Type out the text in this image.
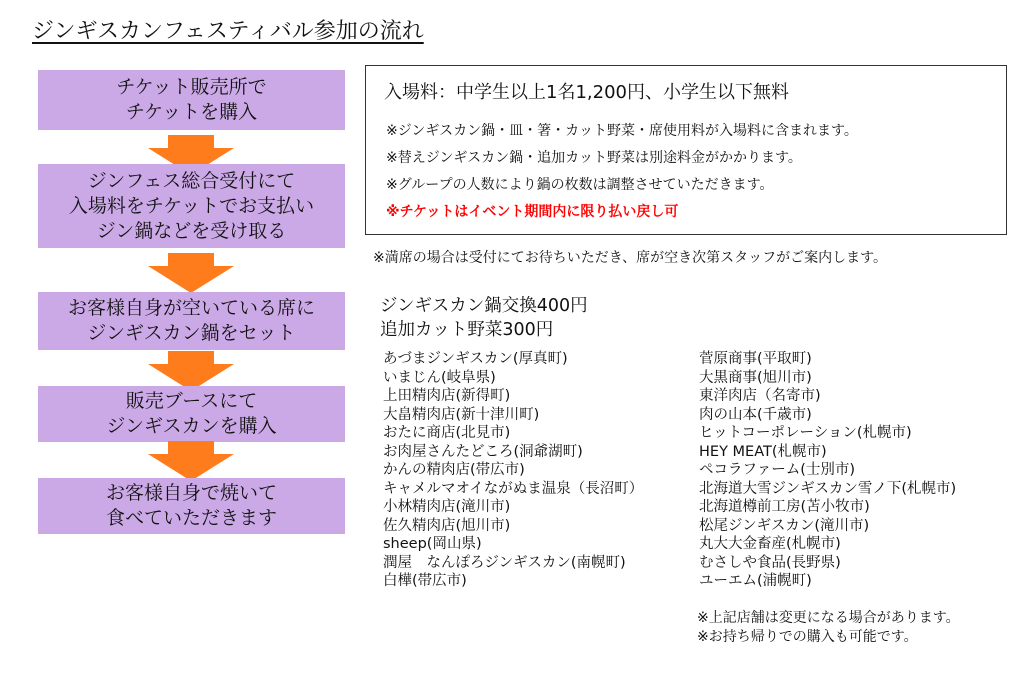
ジンギスカンフェスティバル参加の流れ
チケット販売所で
チケットを購入
ジンフェス総合受付にて
入場料をチケットでお支払い
ジン鍋などを受け取る
お客様自身が空いている席に
ジンギスカン鍋をセット
販売ブースにて
ジンギスカンを購入
お客様自身で焼いて
食べていただきます
入場料：中学生以上1名1,200円、小学生以下無料
※ジンギスカン鍋・皿・箸・カット野菜・席使用料が入場料に含まれます。
※替えジンギスカン鍋・追加カット野菜は別途料金がかかります。
※グループの人数により鍋の枚数は調整させていただきます。
※チケットはイベント期間内に限り払い戻し可
※満席の場合は受付にてお待ちいただき、席が空き次第スタッフがご案内します。
ジンギスカン鍋交換400円
追加カット野菜300円
あづまジンギスカン(厚真町)
いまじん(岐阜県)
上田精肉店(新得町)
大畠精肉店(新十津川町)
おたに商店(北見市)
お肉屋さんたどころ(洞爺湖町)
かんの精肉店(帯広市)
キャメルマオイながぬま温泉（長沼町）
小林精肉店(滝川市)
佐久精肉店(旭川市)
sheep(岡山県)
潤屋　なんぽろジンギスカン(南幌町)
白樺(帯広市)
菅原商事(平取町)
大黒商事(旭川市)
東洋肉店（名寄市)
肉の山本(千歳市)
ヒットコーポレーション(札幌市)
HEY MEAT(札幌市)
ペコラファーム(士別市)
北海道大雪ジンギスカン雪ノ下(札幌市)
北海道樽前工房(苫小牧市)
松尾ジンギスカン(滝川市)
丸大大金畜産(札幌市)
むさしや食品(長野県)
ユーエム(浦幌町)
※上記店舗は変更になる場合があります。
※お持ち帰りでの購入も可能です。
